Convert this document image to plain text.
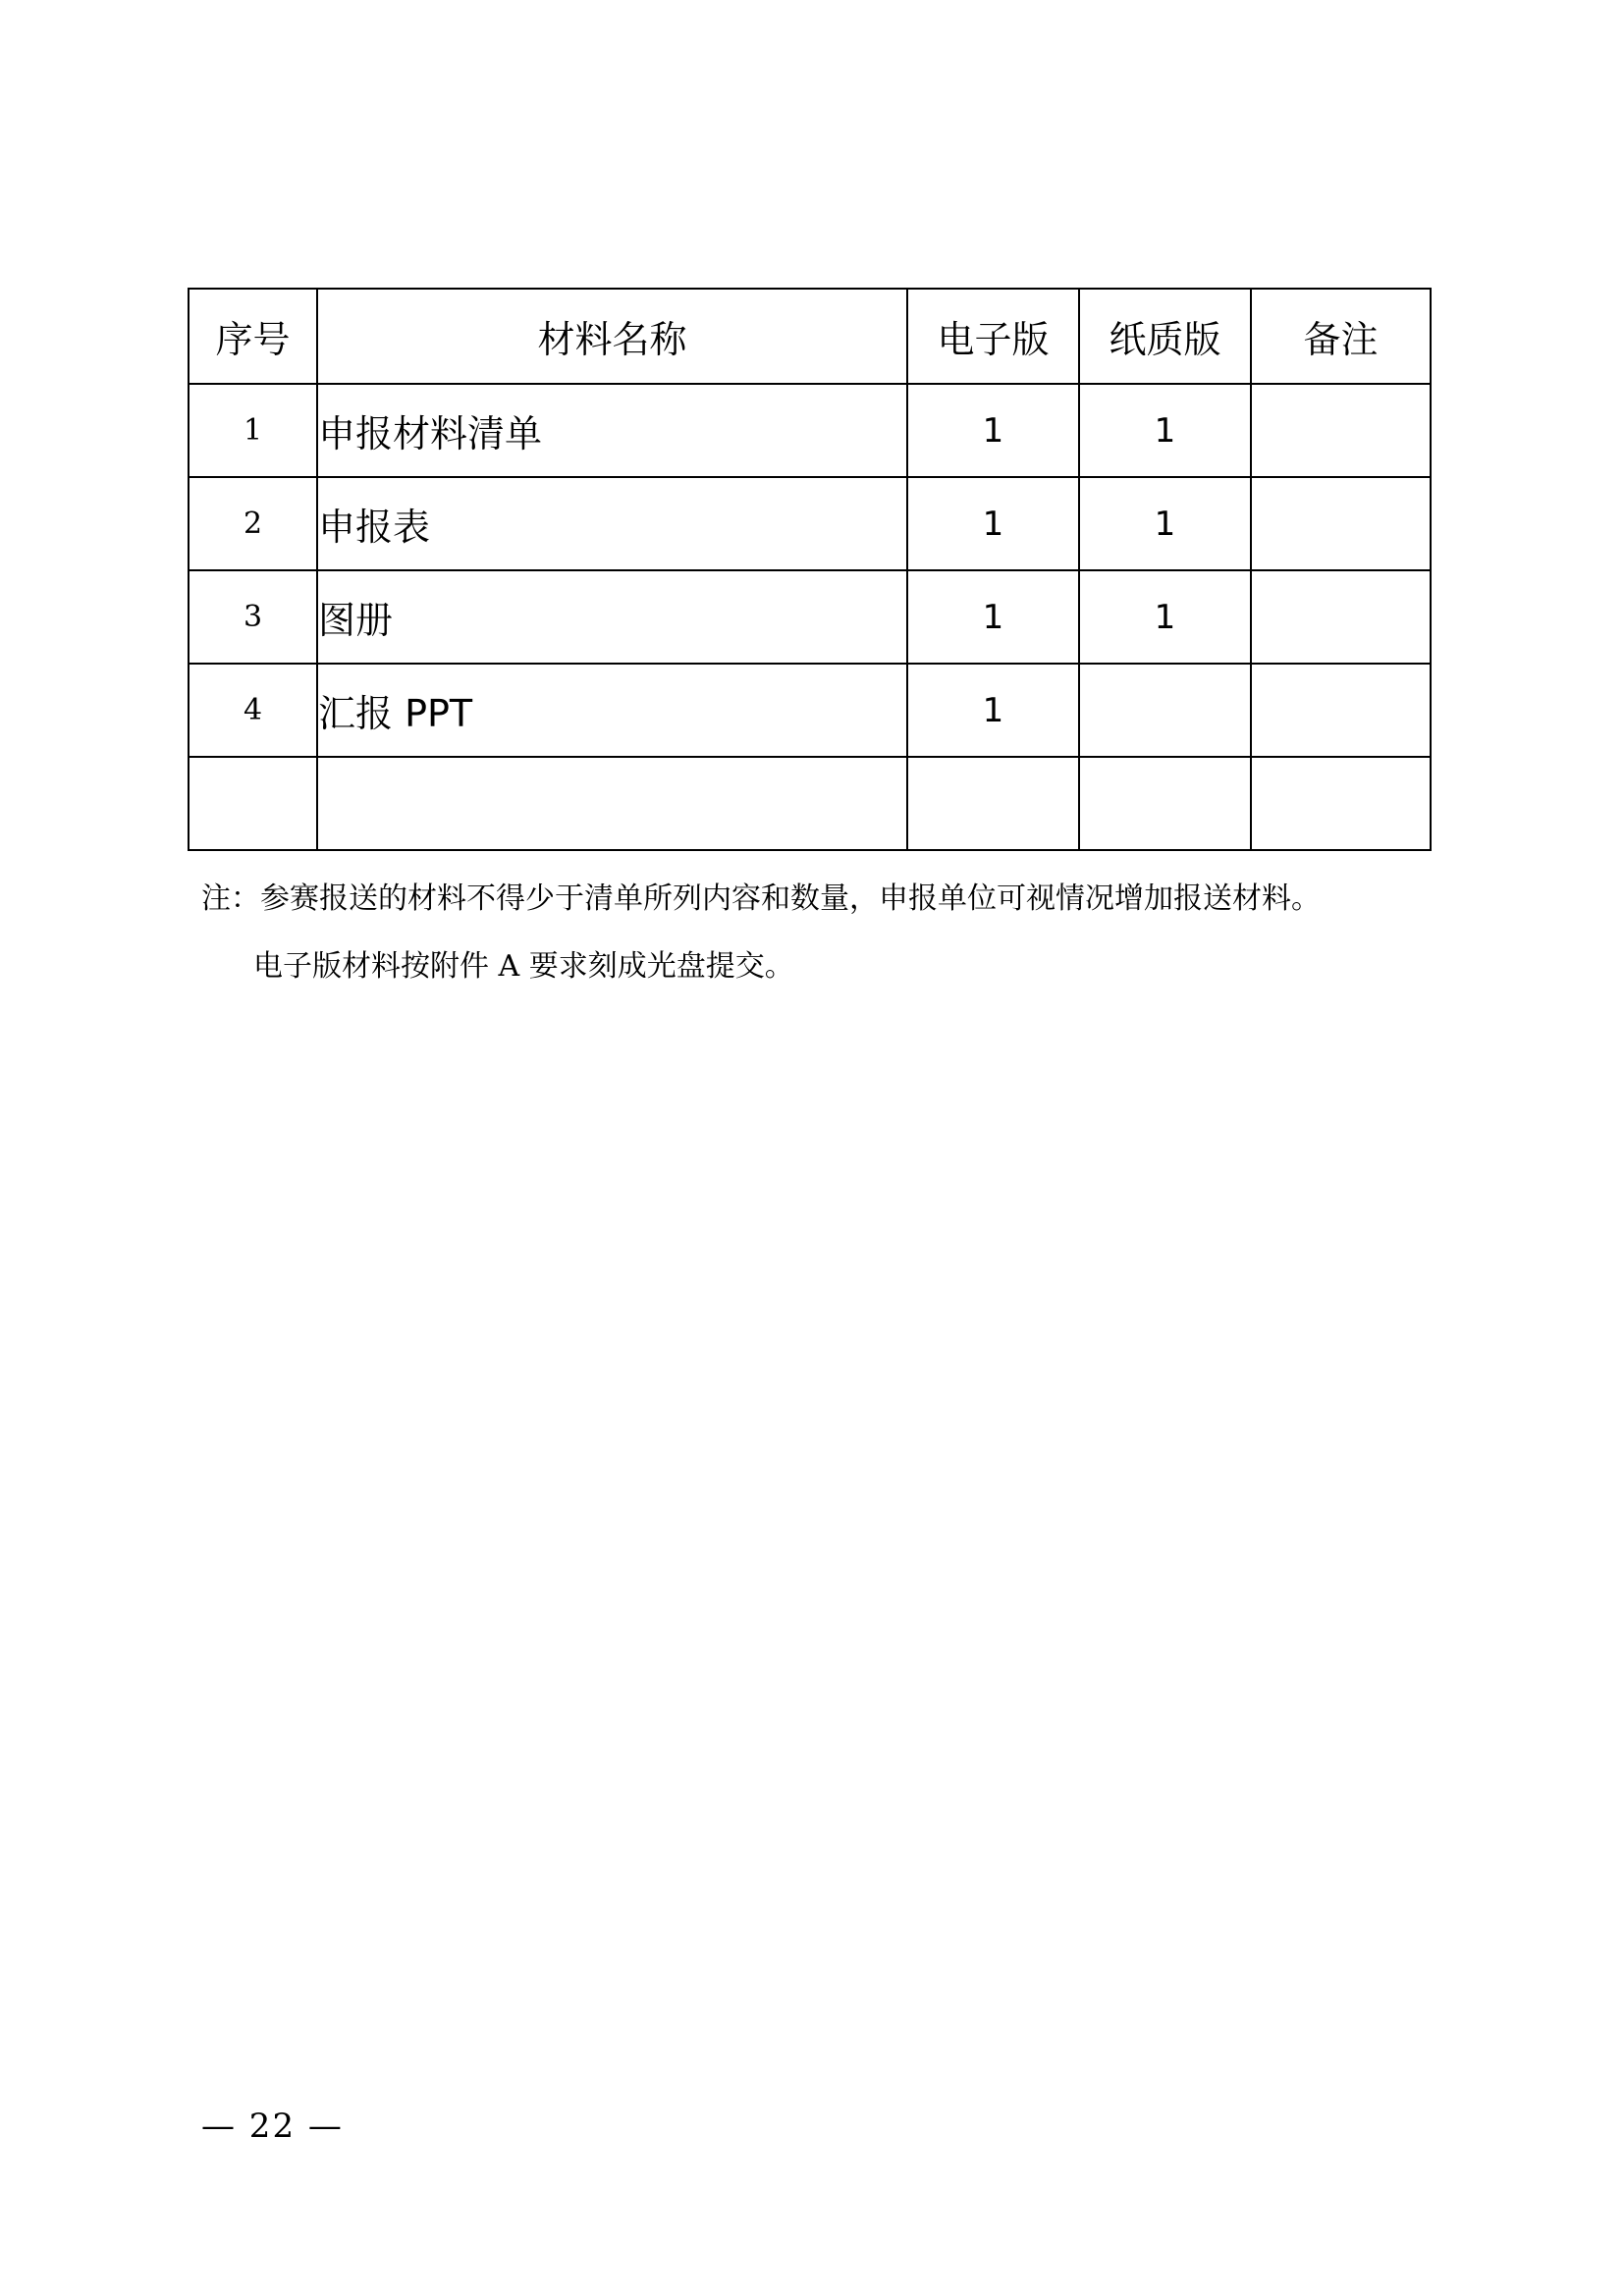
序号	材料名称	电子版	纸质版	备注
1	申报材料清单	1	1	
2	申报表	1	1	
3	图册	1	1	
4	汇报 PPT	1		

注：参赛报送的材料不得少于清单所列内容和数量，申报单位可视情况增加报送材料。
电子版材料按附件 A 要求刻成光盘提交。
— 22 —
